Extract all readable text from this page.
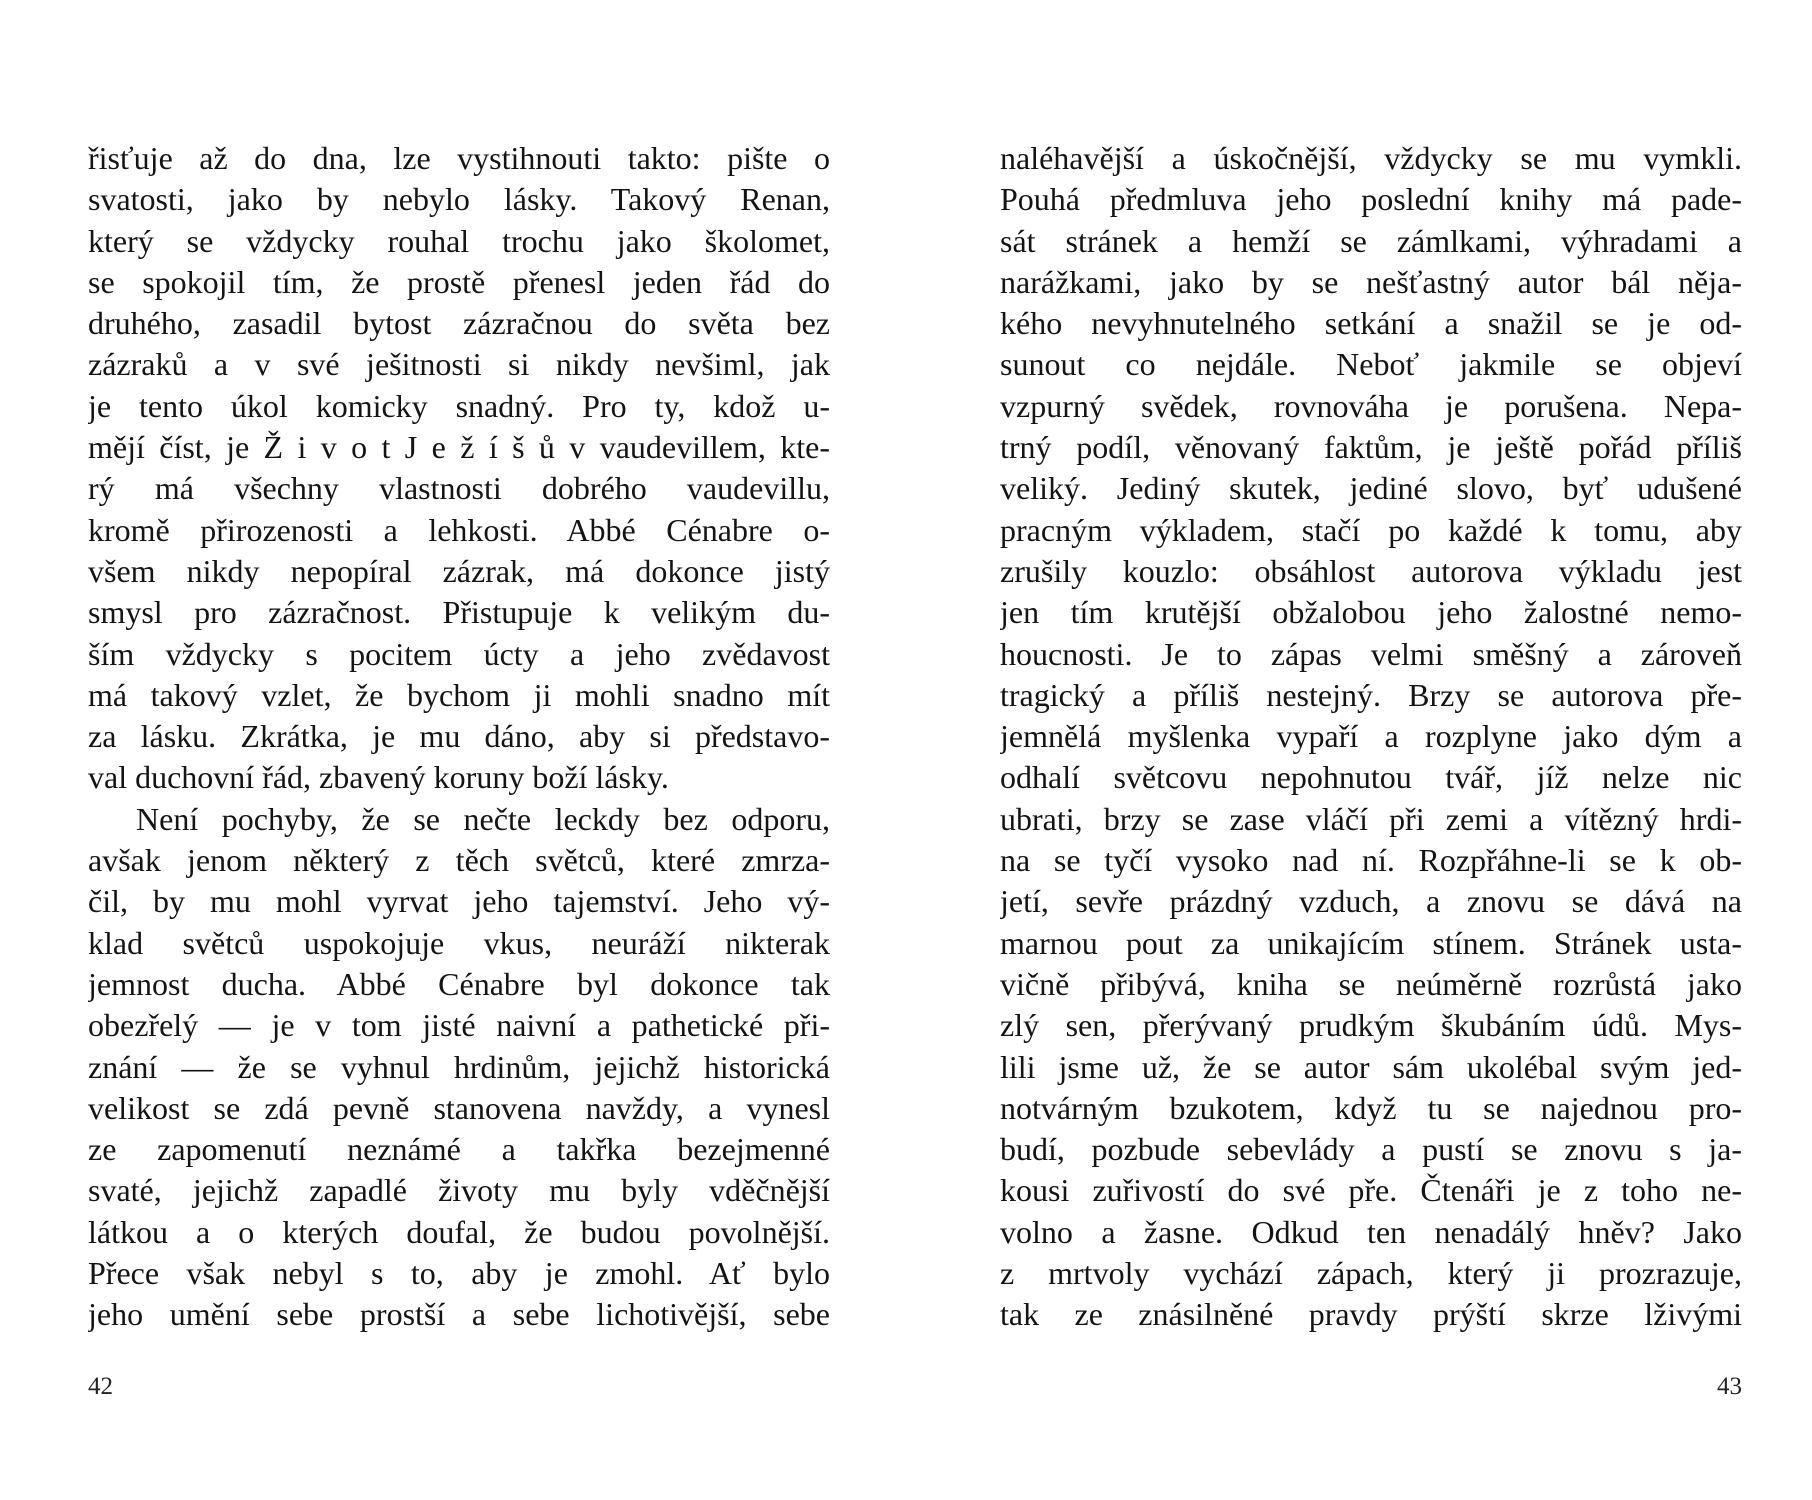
řisťuje až do dna, lze vystihnouti takto: pište o
svatosti, jako by nebylo lásky. Takový Renan,
který se vždycky rouhal trochu jako školomet,
se spokojil tím, že prostě přenesl jeden řád do
druhého, zasadil bytost zázračnou do světa bez
zázraků a v své ješitnosti si nikdy nevšiml, jak
je tento úkol komicky snadný. Pro ty, kdož u-
mějí číst, je Ž i v o t J e ž í š ů v vaudevillem, kte-
rý má všechny vlastnosti dobrého vaudevillu,
kromě přirozenosti a lehkosti. Abbé Cénabre o-
všem nikdy nepopíral zázrak, má dokonce jistý
smysl pro zázračnost. Přistupuje k velikým du-
ším vždycky s pocitem úcty a jeho zvědavost
má takový vzlet, že bychom ji mohli snadno mít
za lásku. Zkrátka, je mu dáno, aby si představo-
val duchovní řád, zbavený koruny boží lásky.
Není pochyby, že se nečte leckdy bez odporu,
avšak jenom některý z těch světců, které zmrza-
čil, by mu mohl vyrvat jeho tajemství. Jeho vý-
klad světců uspokojuje vkus, neuráží nikterak
jemnost ducha. Abbé Cénabre byl dokonce tak
obezřelý — je v tom jisté naivní a pathetické při-
znání — že se vyhnul hrdinům, jejichž historická
velikost se zdá pevně stanovena navždy, a vynesl
ze zapomenutí neznámé a takřka bezejmenné
svaté, jejichž zapadlé životy mu byly vděčnější
látkou a o kterých doufal, že budou povolnější.
Přece však nebyl s to, aby je zmohl. Ať bylo
jeho umění sebe prostší a sebe lichotivější, sebe
42
naléhavější a úskočnější, vždycky se mu vymkli.
Pouhá předmluva jeho poslední knihy má pade-
sát stránek a hemží se zámlkami, výhradami a
narážkami, jako by se nešťastný autor bál něja-
kého nevyhnutelného setkání a snažil se je od-
sunout co nejdále. Neboť jakmile se objeví
vzpurný svědek, rovnováha je porušena. Nepa-
trný podíl, věnovaný faktům, je ještě pořád příliš
veliký. Jediný skutek, jediné slovo, byť udušené
pracným výkladem, stačí po každé k tomu, aby
zrušily kouzlo: obsáhlost autorova výkladu jest
jen tím krutější obžalobou jeho žalostné nemo-
houcnosti. Je to zápas velmi směšný a zároveň
tragický a příliš nestejný. Brzy se autorova pře-
jemnělá myšlenka vypaří a rozplyne jako dým a
odhalí světcovu nepohnutou tvář, jíž nelze nic
ubrati, brzy se zase vláčí při zemi a vítězný hrdi-
na se tyčí vysoko nad ní. Rozpřáhne-li se k ob-
jetí, sevře prázdný vzduch, a znovu se dává na
marnou pout za unikajícím stínem. Stránek usta-
vičně přibývá, kniha se neúměrně rozrůstá jako
zlý sen, přerývaný prudkým škubáním údů. Mys-
lili jsme už, že se autor sám ukolébal svým jed-
notvárným bzukotem, když tu se najednou pro-
budí, pozbude sebevlády a pustí se znovu s ja-
kousi zuřivostí do své pře. Čtenáři je z toho ne-
volno a žasne. Odkud ten nenadálý hněv? Jako
z mrtvoly vychází zápach, který ji prozrazuje,
tak ze znásilněné pravdy prýští skrze lživými
43
